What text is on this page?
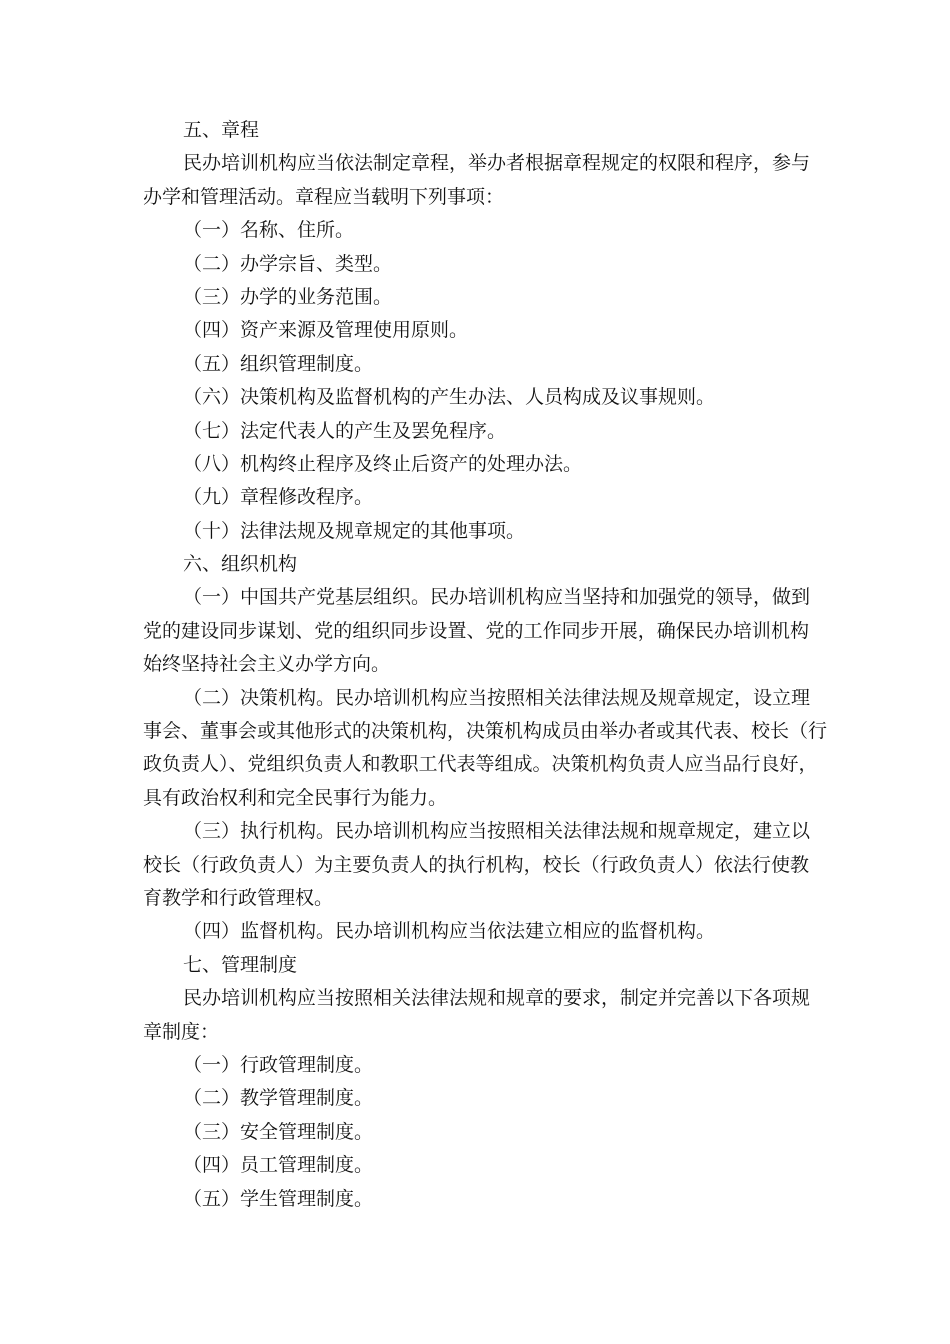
五、章程
民办培训机构应当依法制定章程，举办者根据章程规定的权限和程序，参与
办学和管理活动。章程应当载明下列事项：
（一）名称、住所。
（二）办学宗旨、类型。
（三）办学的业务范围。
（四）资产来源及管理使用原则。
（五）组织管理制度。
（六）决策机构及监督机构的产生办法、人员构成及议事规则。
（七）法定代表人的产生及罢免程序。
（八）机构终止程序及终止后资产的处理办法。
（九）章程修改程序。
（十）法律法规及规章规定的其他事项。
六、组织机构
（一）中国共产党基层组织。民办培训机构应当坚持和加强党的领导，做到
党的建设同步谋划、党的组织同步设置、党的工作同步开展，确保民办培训机构
始终坚持社会主义办学方向。
（二）决策机构。民办培训机构应当按照相关法律法规及规章规定，设立理
事会、董事会或其他形式的决策机构，决策机构成员由举办者或其代表、校长（行
政负责人）、党组织负责人和教职工代表等组成。决策机构负责人应当品行良好，
具有政治权利和完全民事行为能力。
（三）执行机构。民办培训机构应当按照相关法律法规和规章规定，建立以
校长（行政负责人）为主要负责人的执行机构，校长（行政负责人）依法行使教
育教学和行政管理权。
（四）监督机构。民办培训机构应当依法建立相应的监督机构。
七、管理制度
民办培训机构应当按照相关法律法规和规章的要求，制定并完善以下各项规
章制度：
（一）行政管理制度。
（二）教学管理制度。
（三）安全管理制度。
（四）员工管理制度。
（五）学生管理制度。
